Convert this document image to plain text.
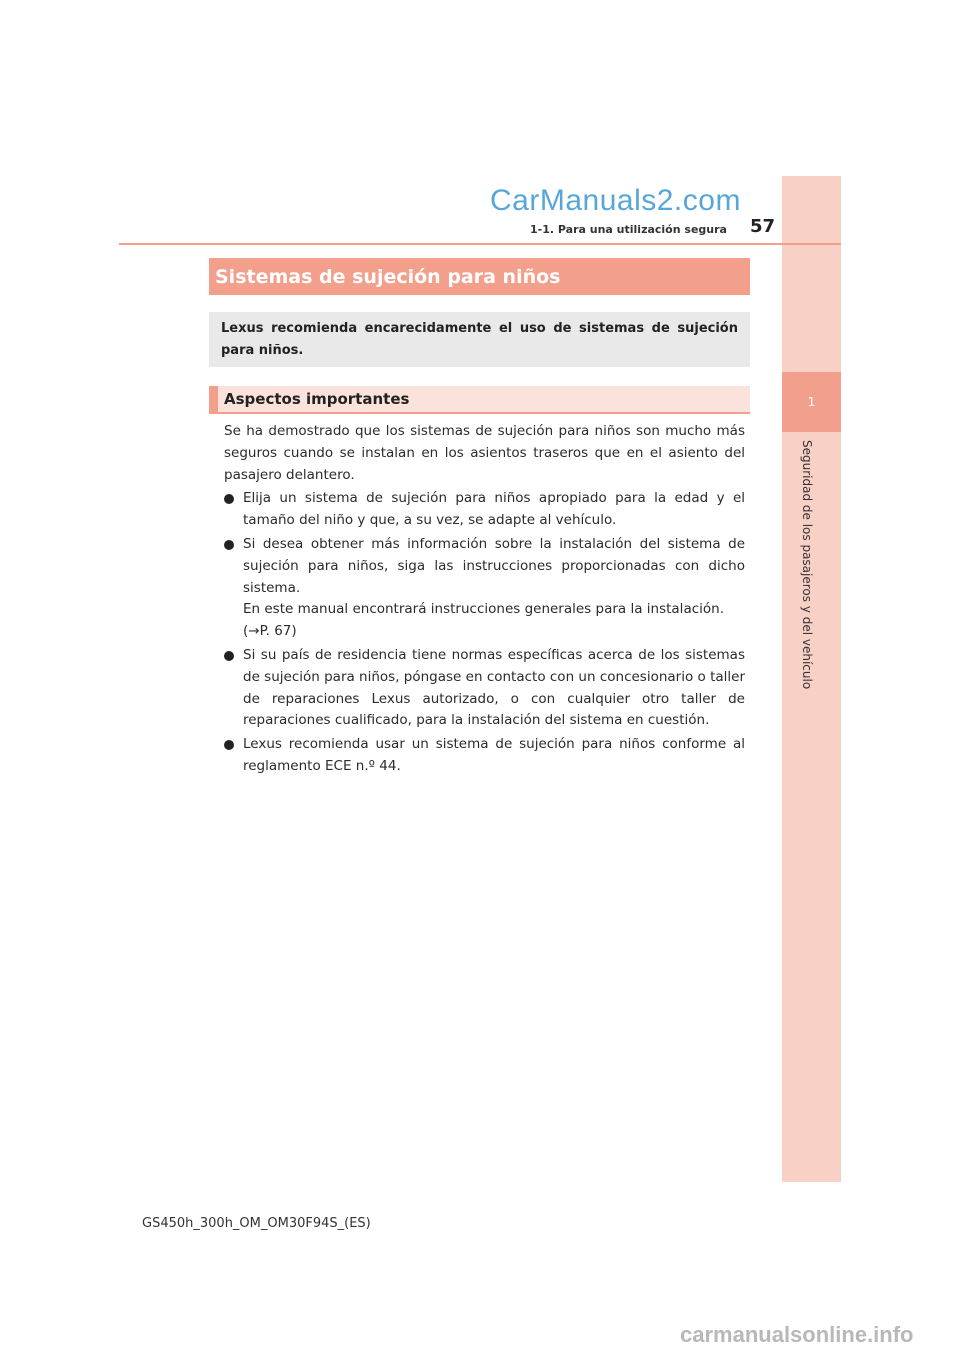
1
Seguridad de los pasajeros y del vehículo
CarManuals2.com
57
1-1. Para una utilización segura
Sistemas de sujeción para niños
Lexus recomienda encarecidamente el uso de sistemas de sujeción para niños.
Aspectos importantes

Se ha demostrado que los sistemas de sujeción para niños son mucho más seguros cuando se instalan en los asientos traseros que en el asiento del pasajero delantero.

Elija un sistema de sujeción para niños apropiado para la edad y el tamaño del niño y que, a su vez, se adapte al vehículo.
Si desea obtener más información sobre la instalación del sistema de sujeción para niños, siga las instrucciones proporcionadas con dicho sistema.
En este manual encontrará instrucciones generales para la instalación.
(→P. 67)
Si su país de residencia tiene normas específicas acerca de los sistemas de sujeción para niños, póngase en contacto con un concesionario o taller de reparaciones Lexus autorizado, o con cualquier otro taller de reparaciones cualificado, para la instalación del sistema en cuestión.
Lexus recomienda usar un sistema de sujeción para niños conforme al reglamento ECE n.º 44.
GS450h_300h_OM_OM30F94S_(ES)
carmanualsonline.info
